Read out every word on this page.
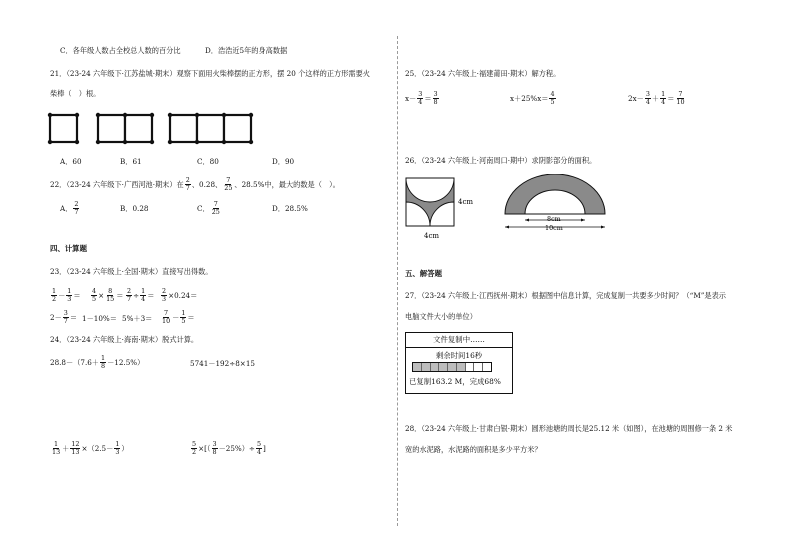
C．各年级人数占全校总人数的百分比	D．浩浩近5年的身高数据
21．（23-24 六年级下·江苏盐城·期末）观察下面用火柴棒摆的正方形，摆 20 个这样的正方形需要火
柴棒（　）根。
A．60	B．61	C．80	D．90
22．（23-24 六年级下·广西河池·期末）在 $\frac{2}{7}$ 、 0.28 、 $\frac{7}{25}$ 、28.5%中，最大的数是（　）。
A． $\frac{2}{7}$	B．0.28	C． $\frac{7}{25}$	D．28.5%
四、计算题
23．（23-24 六年级上·全国·期末）直接写出得数。
$\frac{1}{2} - \frac{1}{3} = \frac{4}{5} \times \frac{8}{15} = \frac{2}{7} \div \frac{1}{4} = \frac{2}{3} \times 0.24=$
$2- \frac{3}{7} = 1-10\%= 5\%+3= \frac{7}{10} - \frac{1}{5}$ ＝
24．（23-24 六年级上·海南·期末）脱式计算。
$28.8-(7.6+ \frac{1}{8} -12.5\%)$	5741－192÷8×15
$\frac{1}{13} + \frac{12}{13} \times(2.5- \frac{1}{3}$ ）	$\frac{5}{2}$ ×[（ $\frac{3}{8} -25\%)\div \frac{5}{4}$ ]
25．（23-24 六年级上·福建莆田·期末）解方程。
$x- \frac{3}{4} = \frac{3}{8}$	$x+25\%x= \frac{4}{5}$	$2x- \frac{3}{4} + \frac{1}{4} = \frac{7}{10}$
26．（23-24 六年级上·河南周口·期中）求阴影部分的面积。
4cm
4cm
8cm
10cm
五、解答题
27．（23-24 六年级上·江西抚州·期末）根据图中信息计算，完成复制一共要多少时间？（“M”是表示
电脑文件大小的单位）
文件复制中……
剩余时间16秒
已复制163.2 M，完成68%
28．（23-24 六年级上·甘肃白银·期末）圆形池塘的周长是25.12 米（如图），在池塘的周围修一条 2 米
宽的水泥路，水泥路的面积是多少平方米？
